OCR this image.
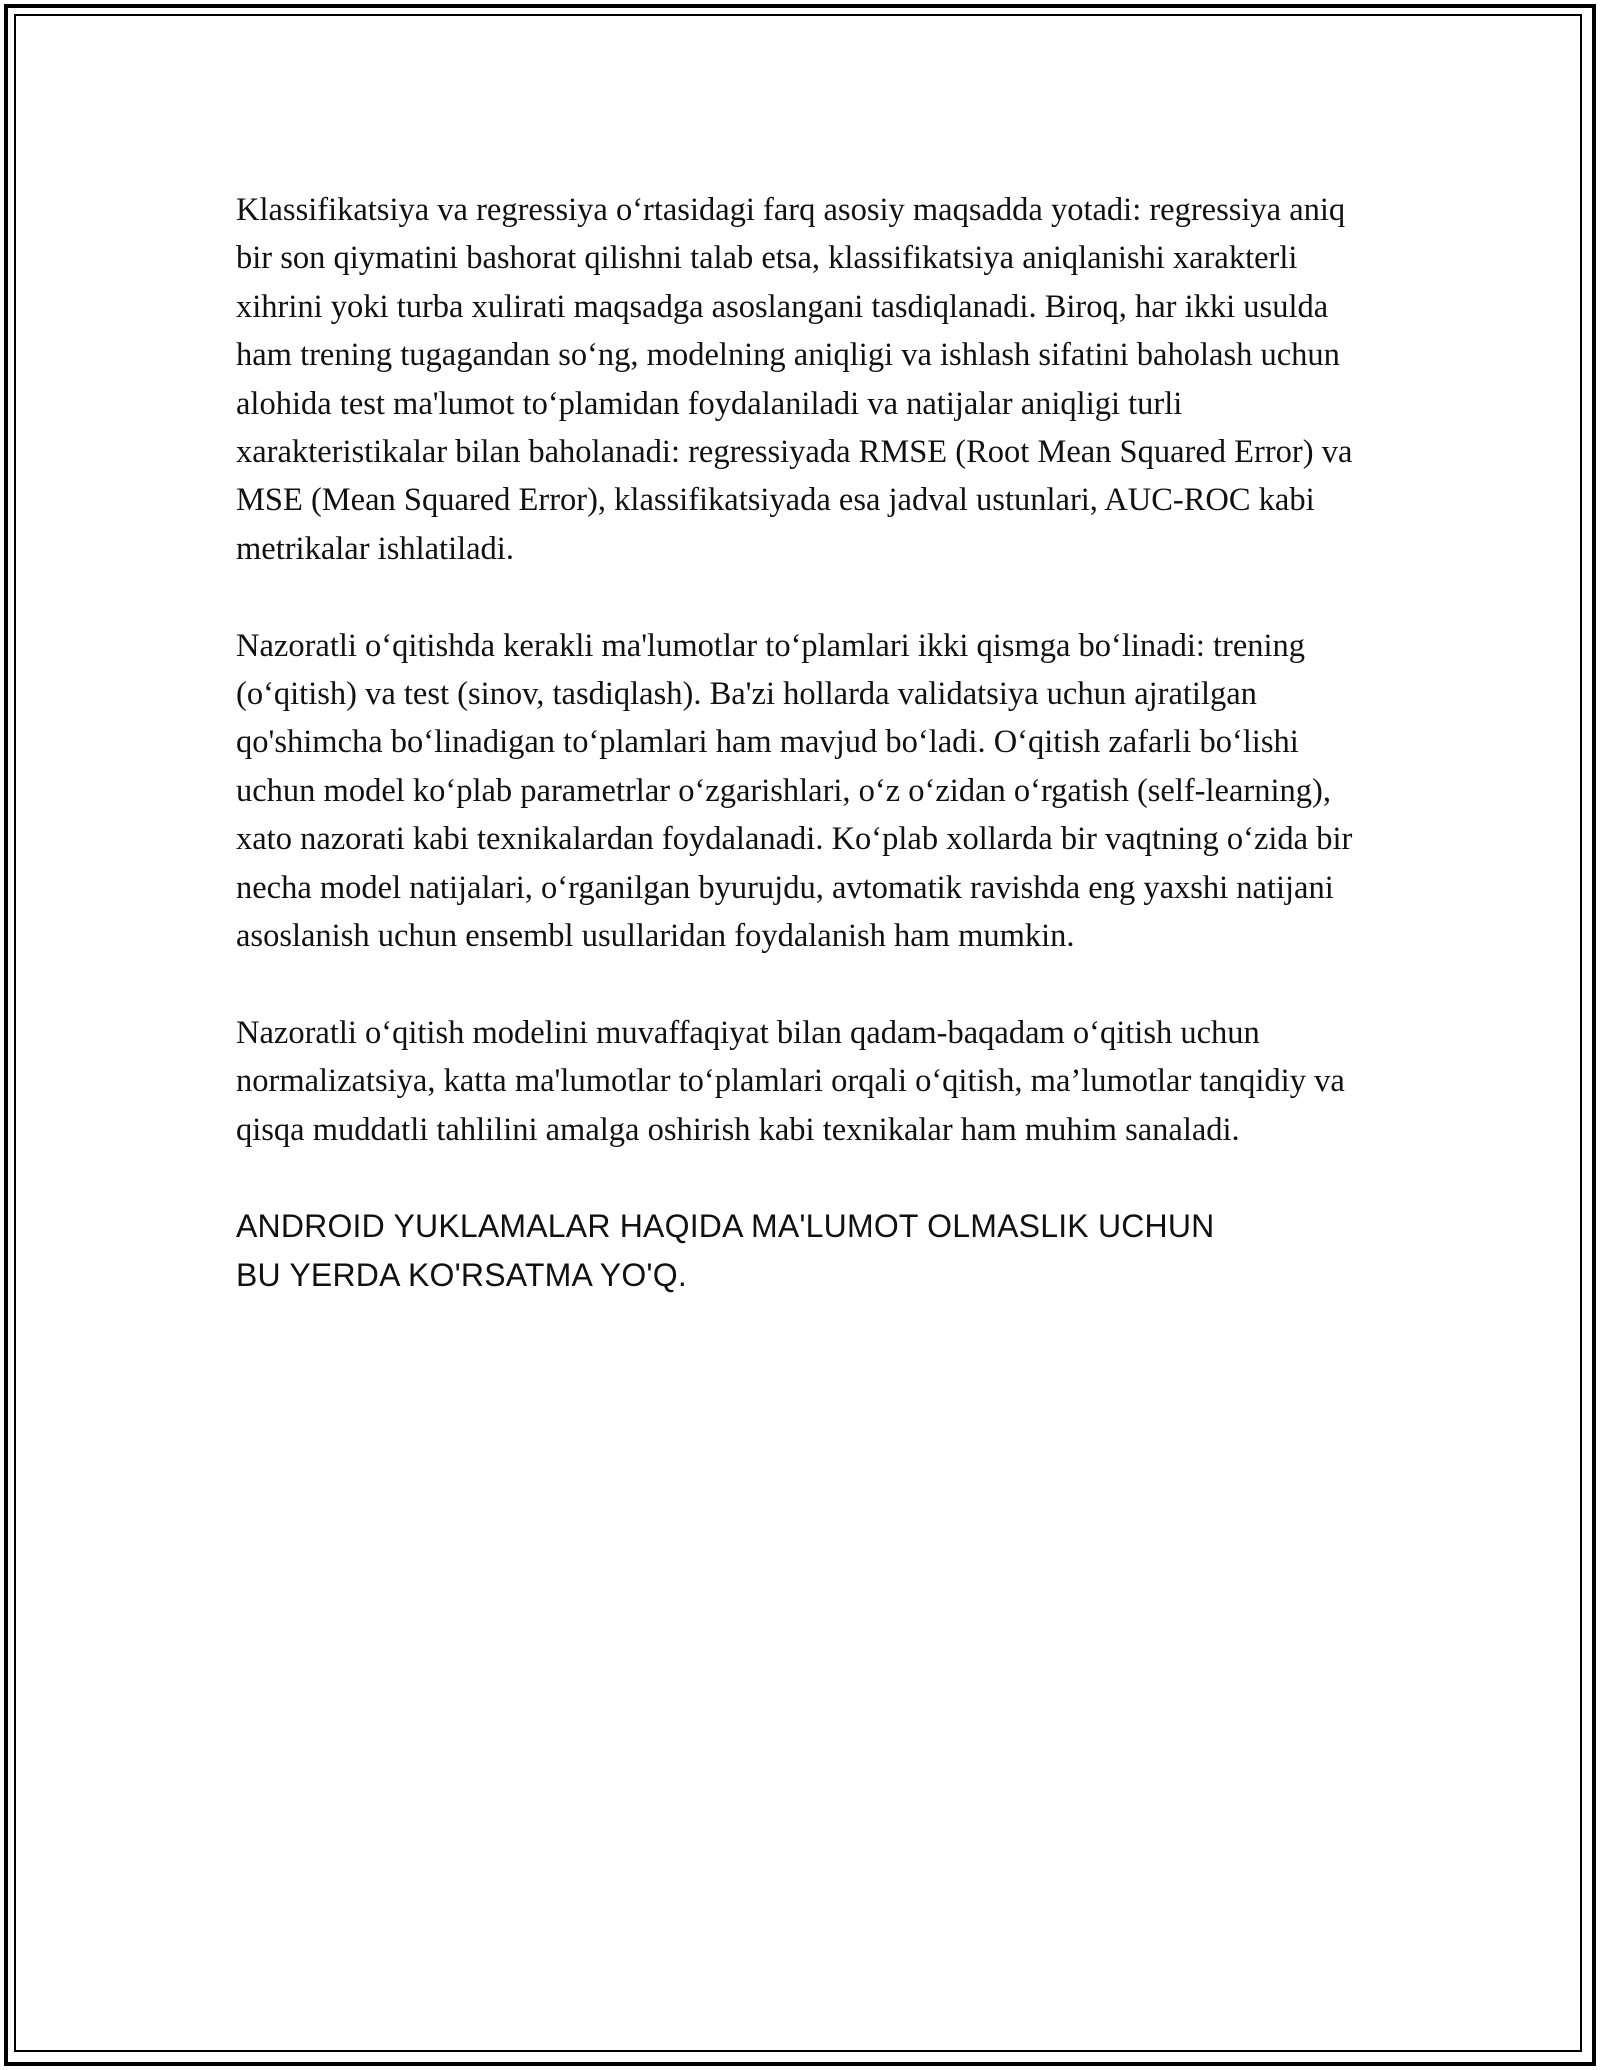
Klassifikatsiya va regressiya o‘rtasidagi farq asosiy maqsadda yotadi: regressiya aniq bir son qiymatini bashorat qilishni talab etsa, klassifikatsiya aniqlanishi xarakterli xihrini yoki turba xulirati maqsadga asoslangani tasdiqlanadi. Biroq, har ikki usulda ham trening tugagandan so‘ng, modelning aniqligi va ishlash sifatini baholash uchun alohida test ma'lumot to‘plamidan foydalaniladi va natijalar aniqligi turli xarakteristikalar bilan baholanadi: regressiyada RMSE (Root Mean Squared Error) va MSE (Mean Squared Error), klassifikatsiyada esa jadval ustunlari, AUC-ROC kabi metrikalar ishlatiladi.

Nazoratli o‘qitishda kerakli ma'lumotlar to‘plamlari ikki qismga bo‘linadi: trening (o‘qitish) va test (sinov, tasdiqlash). Ba'zi hollarda validatsiya uchun ajratilgan qo'shimcha bo‘linadigan to‘plamlari ham mavjud bo‘ladi. O‘qitish zafarli bo‘lishi uchun model ko‘plab parametrlar o‘zgarishlari, o‘z o‘zidan o‘rgatish (self-learning), xato nazorati kabi texnikalardan foydalanadi. Ko‘plab xollarda bir vaqtning o‘zida bir necha model natijalari, o‘rganilgan byurujdu, avtomatik ravishda eng yaxshi natijani asoslanish uchun ensembl usullaridan foydalanish ham mumkin.

Nazoratli o‘qitish modelini muvaffaqiyat bilan qadam-baqadam o‘qitish uchun normalizatsiya, katta ma'lumotlar to‘plamlari orqali o‘qitish, ma’lumotlar tanqidiy va qisqa muddatli tahlilini amalga oshirish kabi texnikalar ham muhim sanaladi.

ANDROID YUKLAMALAR HAQIDA MA'LUMOT OLMASLIK UCHUN BU YERDA KO'RSATMA YO'Q.
